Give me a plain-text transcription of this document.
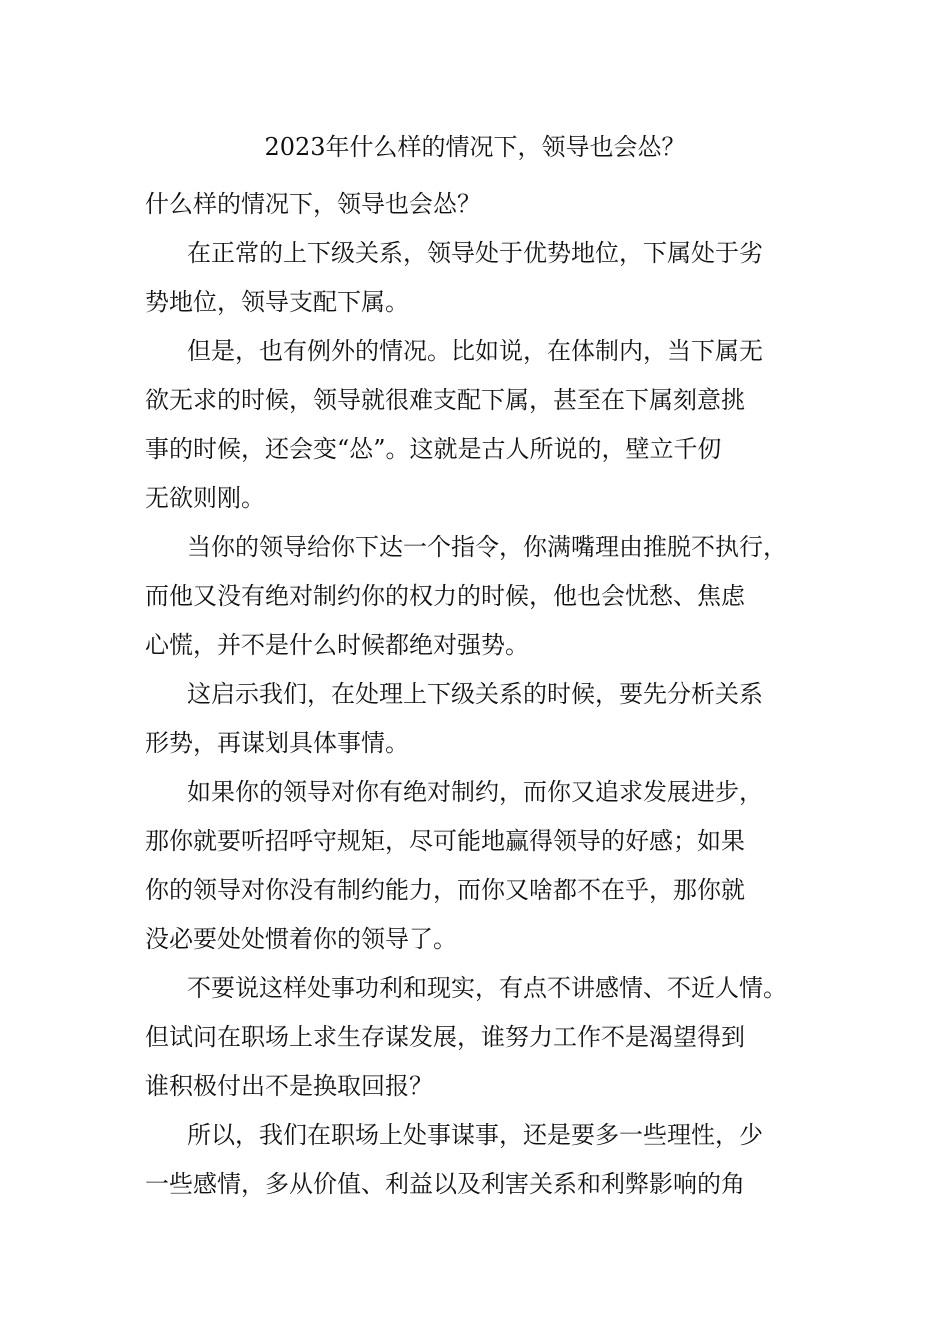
2023年什么样的情况下，领导也会怂？
什么样的情况下，领导也会怂？
在正常的上下级关系，领导处于优势地位，下属处于劣
势地位，领导支配下属。
但是，也有例外的情况。比如说，在体制内，当下属无
欲无求的时候，领导就很难支配下属，甚至在下属刻意挑
事的时候，还会变“怂”。这就是古人所说的，壁立千仞
无欲则刚。
当你的领导给你下达一个指令，你满嘴理由推脱不执行，
而他又没有绝对制约你的权力的时候，他也会忧愁、焦虑
心慌，并不是什么时候都绝对强势。
这启示我们，在处理上下级关系的时候，要先分析关系
形势，再谋划具体事情。
如果你的领导对你有绝对制约，而你又追求发展进步，
那你就要听招呼守规矩，尽可能地赢得领导的好感；如果
你的领导对你没有制约能力，而你又啥都不在乎，那你就
没必要处处惯着你的领导了。
不要说这样处事功利和现实，有点不讲感情、不近人情。
但试问在职场上求生存谋发展，谁努力工作不是渴望得到
谁积极付出不是换取回报？
所以，我们在职场上处事谋事，还是要多一些理性，少
一些感情，多从价值、利益以及利害关系和利弊影响的角
